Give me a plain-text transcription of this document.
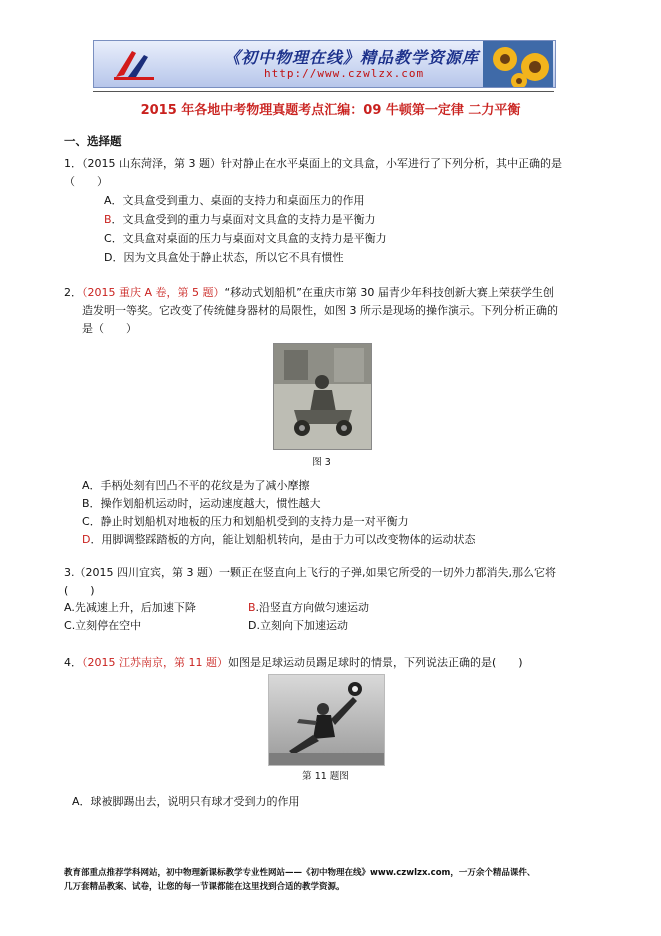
《初中物理在线》精品教学资源库
http://www.czwlzx.com
2015 年各地中考物理真题考点汇编：09 牛顿第一定律 二力平衡
一、选择题
1．（2015 山东菏泽，第 3 题）针对静止在水平桌面上的文具盒，小军进行了下列分析，其中正确的是
（　　）
A．文具盒受到重力、桌面的支持力和桌面压力的作用
B．文具盒受到的重力与桌面对文具盒的支持力是平衡力
C．文具盒对桌面的压力与桌面对文具盒的支持力是平衡力
D．因为文具盒处于静止状态，所以它不具有惯性
2．（2015 重庆 A 卷，第 5 题）“移动式划船机”在重庆市第 30 届青少年科技创新大赛上荣获学生创
造发明一等奖。它改变了传统健身器材的局限性，如图 3 所示是现场的操作演示。下列分析正确的
是（　　）
图 3
A．手柄处刻有凹凸不平的花纹是为了减小摩擦
B．操作划船机运动时，运动速度越大，惯性越大
C．静止时划船机对地板的压力和划船机受到的支持力是一对平衡力
D．用脚调整踩踏板的方向，能让划船机转向，是由于力可以改变物体的运动状态
3.（2015 四川宜宾，第 3 题）一颗正在竖直向上飞行的子弹,如果它所受的一切外力都消失,那么它将
(　　)
A.先减速上升，后加速下降	B.沿竖直方向做匀速运动
C.立刻停在空中	D.立刻向下加速运动
4．（2015 江苏南京，第 11 题）如图是足球运动员踢足球时的情景，下列说法正确的是(　　)
第 11 题图
A．球被脚踢出去，说明只有球才受到力的作用
教育部重点推荐学科网站，初中物理新课标教学专业性网站——《初中物理在线》www.czwlzx.com，一万余个精品课件、
几万套精品教案、试卷，让您的每一节课都能在这里找到合适的教学资源。
